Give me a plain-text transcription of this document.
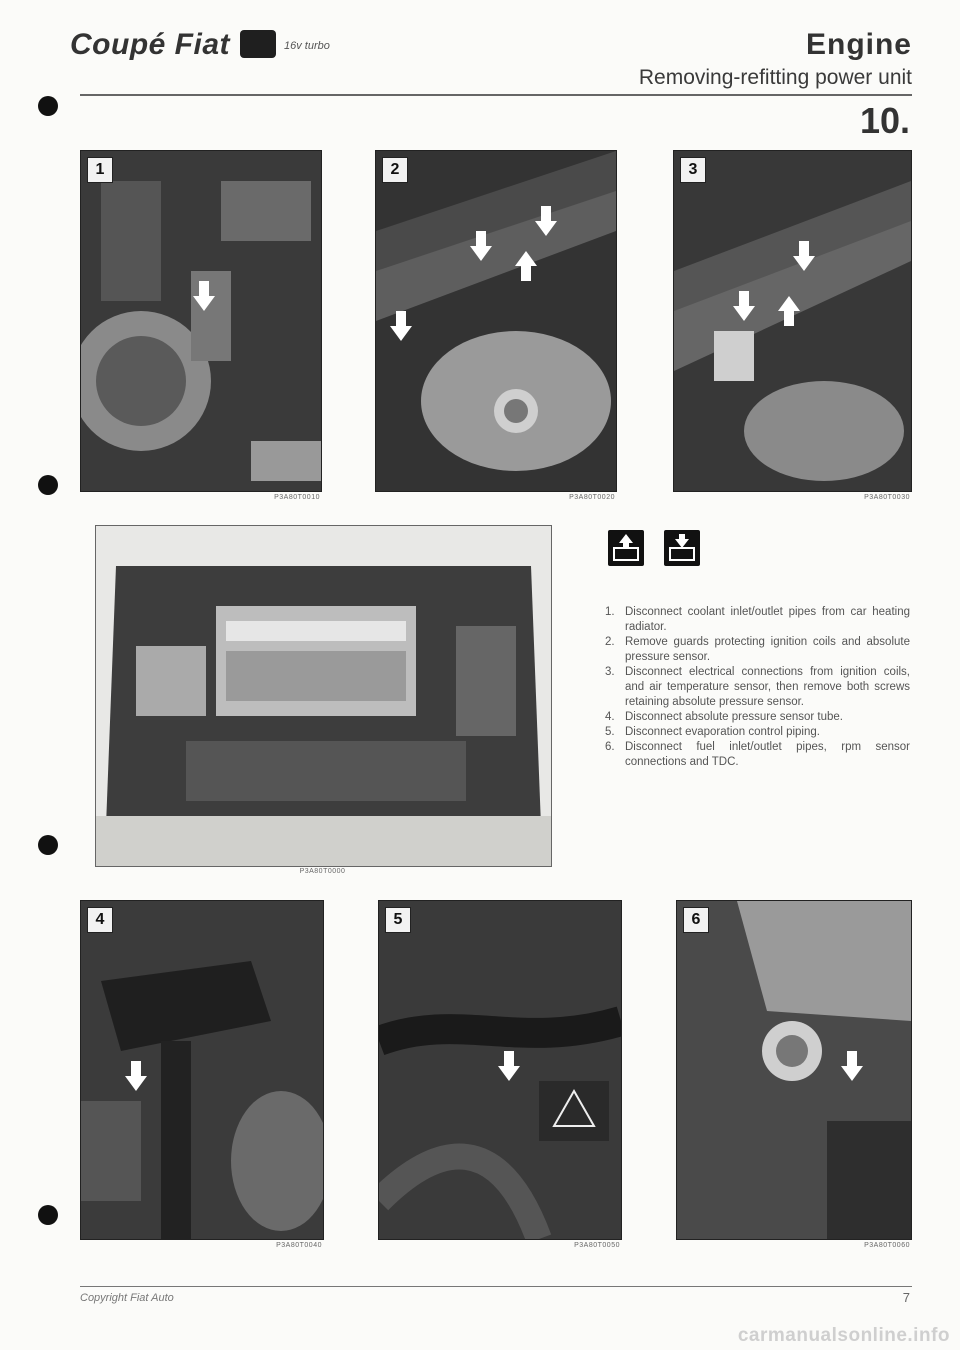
Coupé Fiat	16v turbo	Engine
Removing-refitting power unit
10.
1
P3A80T0010
2
P3A80T0020
3
P3A80T0030
P3A80T0000
1. Disconnect coolant inlet/outlet pipes from car heating radiator.
2. Remove guards protecting ignition coils and absolute pressure sensor.
3. Disconnect electrical connections from ignition coils, and air temperature sensor, then remove both screws retaining absolute pressure sensor.
4. Disconnect absolute pressure sensor tube.
5. Disconnect evaporation control piping.
6. Disconnect fuel inlet/outlet pipes, rpm sensor connections and TDC.
4
P3A80T0040
5
P3A80T0050
6
P3A80T0060
Copyright Fiat Auto	7
carmanualsonline.info
